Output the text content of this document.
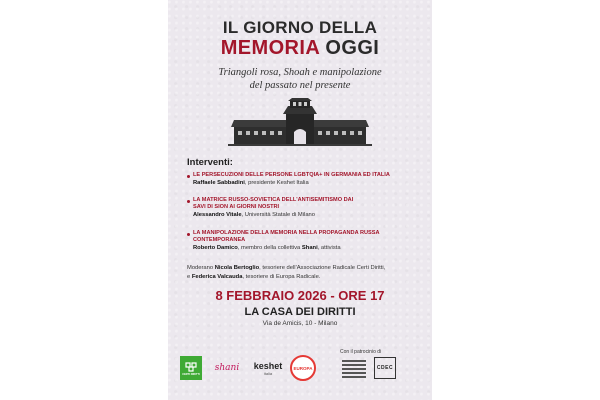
IL GIORNO DELLA
MEMORIA OGGI
Triangoli rosa, Shoah e manipolazione
del passato nel presente
Interventi:
LE PERSECUZIONI DELLE PERSONE LGBTQIA+ IN GERMANIA ED ITALIA
Raffaele Sabbadini, presidente Keshet Italia
LA MATRICE RUSSO-SOVIETICA DELL'ANTISEMITISMO DAI SAVI DI SION AI GIORNI NOSTRI
Alessandro Vitale, Università Statale di Milano
LA MANIPOLAZIONE DELLA MEMORIA NELLA PROPAGANDA RUSSA CONTEMPORANEA
Roberto Damico, membro della collettiva Shani, attivista
Moderano Nicola Bertoglio, tesoriere dell'Associazione Radicale Certi Diritti,
e Federica Valcauda, tesoriere di Europa Radicale.
8 FEBBRAIO 2026 - ORE 17
LA CASA DEI DIRITTI
Via de Amicis, 10 - Milano
Con il patrocinio di
CERTI DIRITTI
shani keshet
italia
EUROPA	CDEC
